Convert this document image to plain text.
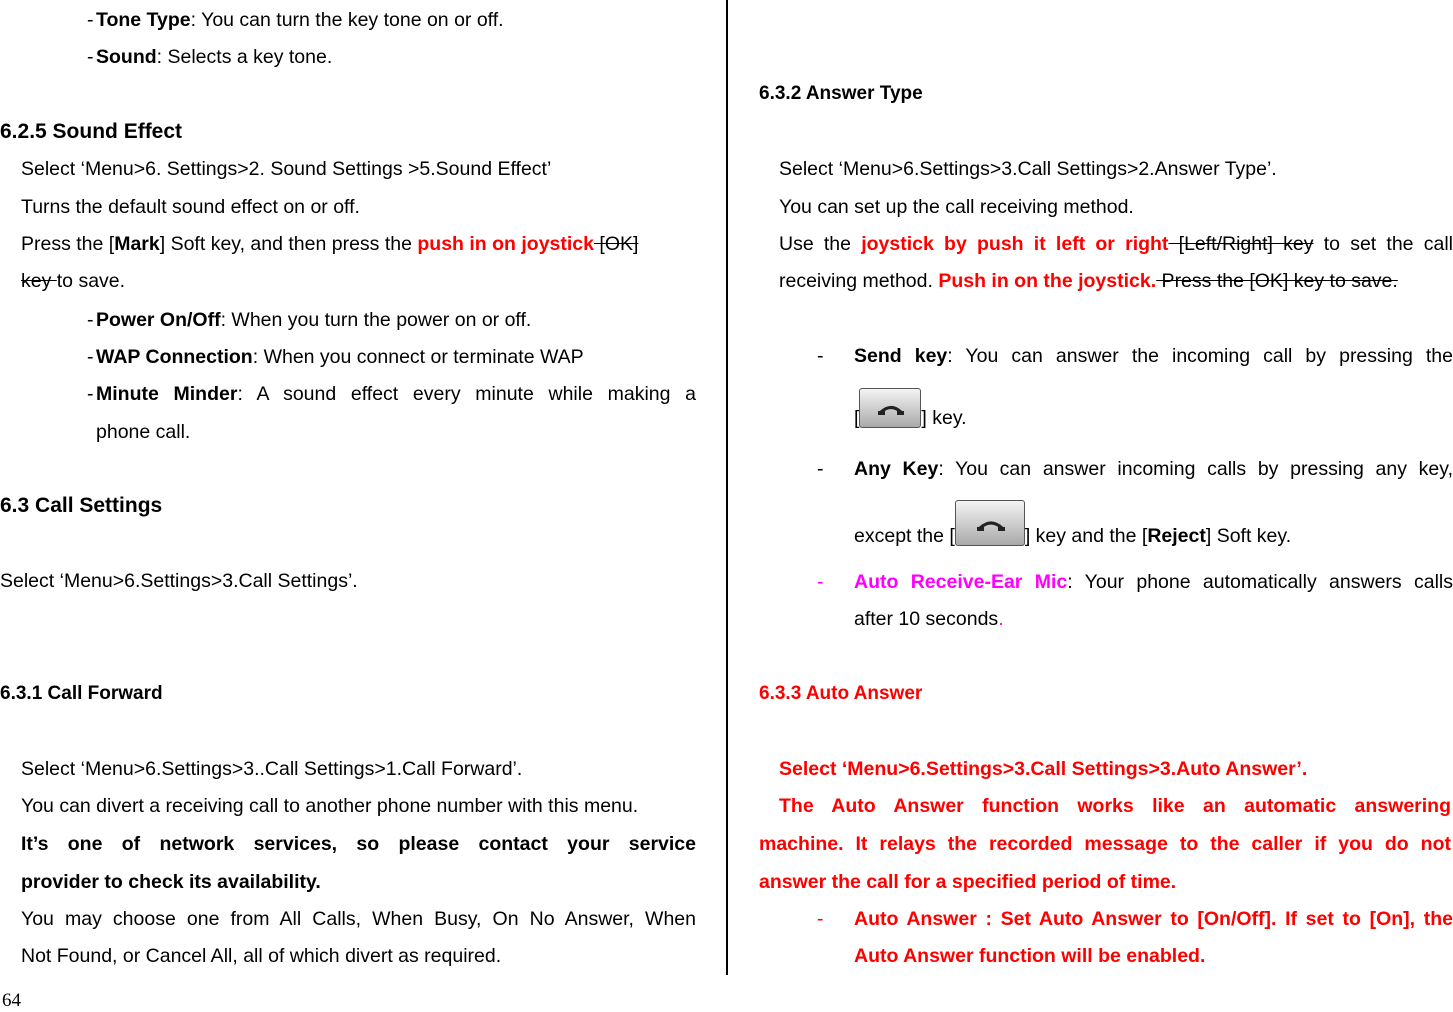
- Tone Type: You can turn the key tone on or off.
- Sound: Selects a key tone.
6.2.5 Sound Effect
Select ‘Menu>6. Settings>2. Sound Settings >5.Sound Effect’
Turns the default sound effect on or off.
Press the [Mark] Soft key, and then press the push in on joystick [OK]
key to save.
- Power On/Off: When you turn the power on or off.
- WAP Connection: When you connect or terminate WAP
- Minute Minder: A sound effect every minute while making a
phone call.
6.3 Call Settings
Select ‘Menu>6.Settings>3.Call Settings’.
6.3.1 Call Forward
Select ‘Menu>6.Settings>3..Call Settings>1.Call Forward’.
You can divert a receiving call to another phone number with this menu.
It’s one of network services, so please contact your service
provider to check its availability.
You may choose one from All Calls, When Busy, On No Answer, When
Not Found, or Cancel All, all of which divert as required.
6.3.2 Answer Type
Select ‘Menu>6.Settings>3.Call Settings>2.Answer Type’.
You can set up the call receiving method.
Use the joystick by push it left or right [Left/Right] key to set the call
receiving method. Push in on the joystick. Press the [OK] key to save.
- Send key: You can answer the incoming call by pressing the
[	] key.
- Any Key: You can answer incoming calls by pressing any key,
except the [	] key and the [Reject] Soft key.
- Auto Receive-Ear Mic: Your phone automatically answers calls
after 10 seconds.
6.3.3 Auto Answer
Select ‘Menu>6.Settings>3.Call Settings>3.Auto Answer’.
The Auto Answer function works like an automatic answering
machine. It relays the recorded message to the caller if you do not
answer the call for a specified period of time.
- Auto Answer : Set Auto Answer to [On/Off]. If set to [On], the
Auto Answer function will be enabled.
64
